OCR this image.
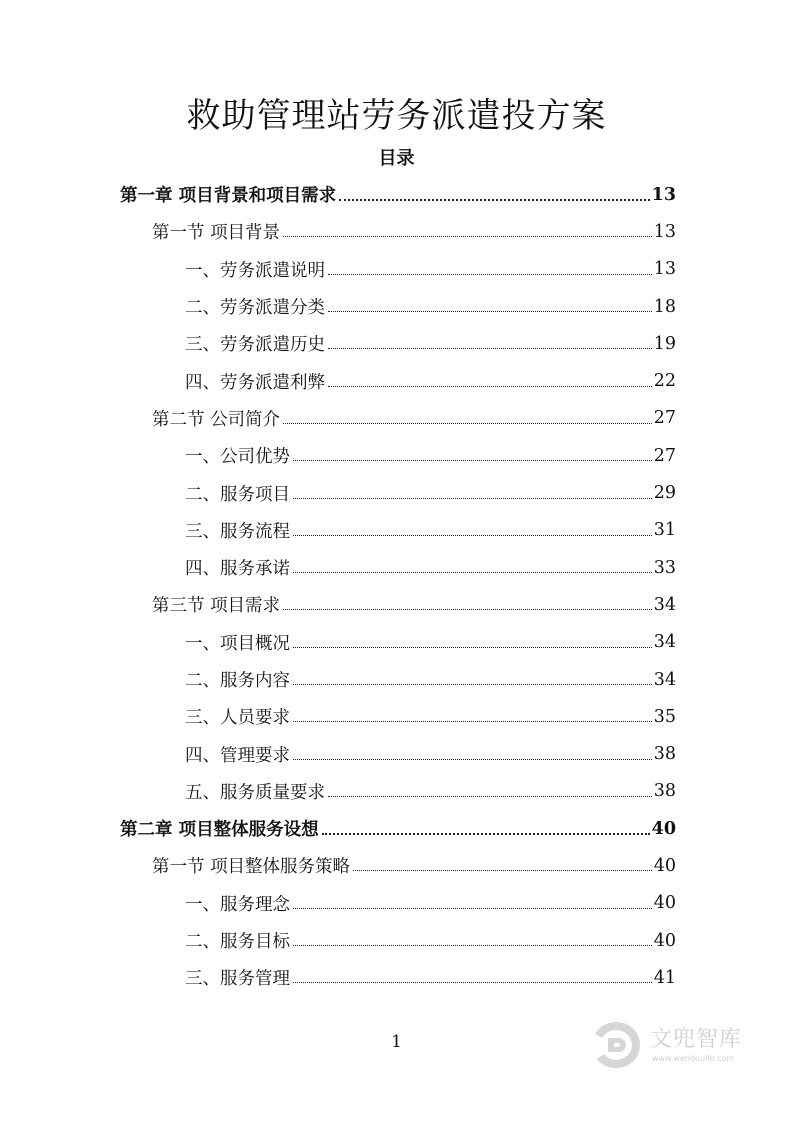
救助管理站劳务派遣投方案
目录
第一章 项目背景和项目需求	13
第一节 项目背景	13
一、劳务派遣说明	13
二、劳务派遣分类	18
三、劳务派遣历史	19
四、劳务派遣利弊	22
第二节 公司简介	27
一、公司优势	27
二、服务项目	29
三、服务流程	31
四、服务承诺	33
第三节 项目需求	34
一、项目概况	34
二、服务内容	34
三、人员要求	35
四、管理要求	38
五、服务质量要求	38
第二章 项目整体服务设想	40
第一节 项目整体服务策略	40
一、服务理念	40
二、服务目标	40
三、服务管理	41
1	文兜智库
www.wendoulib.com
